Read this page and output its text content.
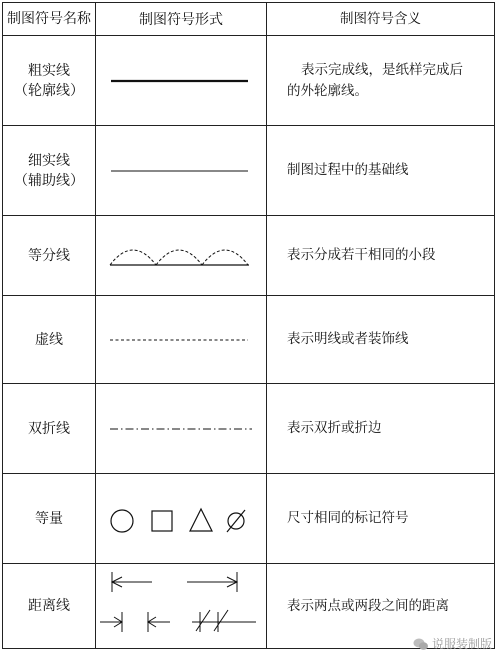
制图符号名称	制图符号形式	制图符号含义

粗实线
（轮廓线）		表示完成线，是纸样完成后的外轮廓线。

细实线
（辅助线）		制图过程中的基础线

等分线		表示分成若干相同的小段

虚线		表示明线或者装饰线

双折线		表示双折或折边

等量		尺寸相同的标记符号

距离线		表示两点或两段之间的距离
说服装制版
